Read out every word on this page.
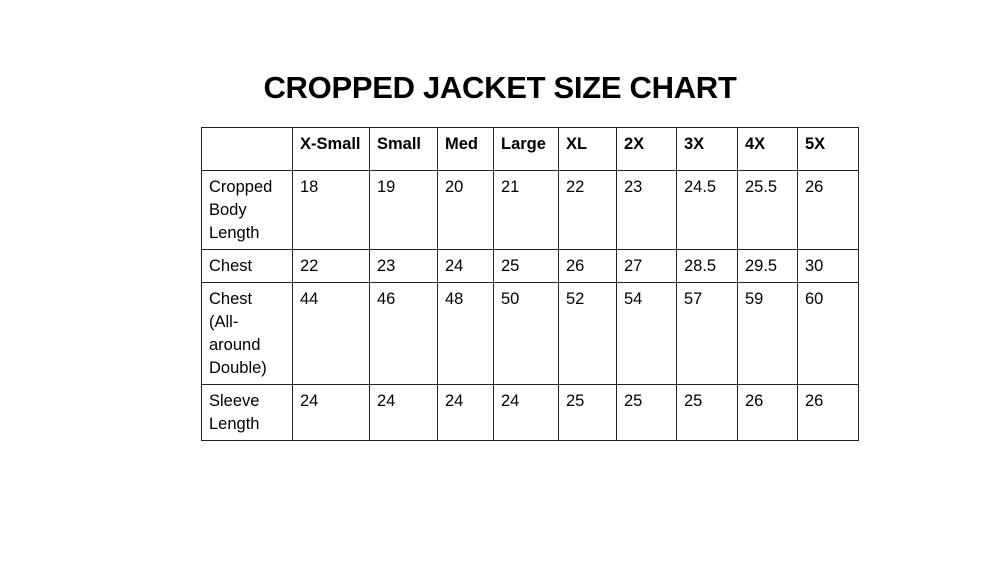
CROPPED JACKET SIZE CHART
	X-Small	Small	Med	Large	XL	2X	3X	4X	5X
Cropped Body Length	18	19	20	21	22	23	24.5	25.5	26
Chest	22	23	24	25	26	27	28.5	29.5	30
Chest (All-around Double)	44	46	48	50	52	54	57	59	60
Sleeve Length	24	24	24	24	25	25	25	26	26
